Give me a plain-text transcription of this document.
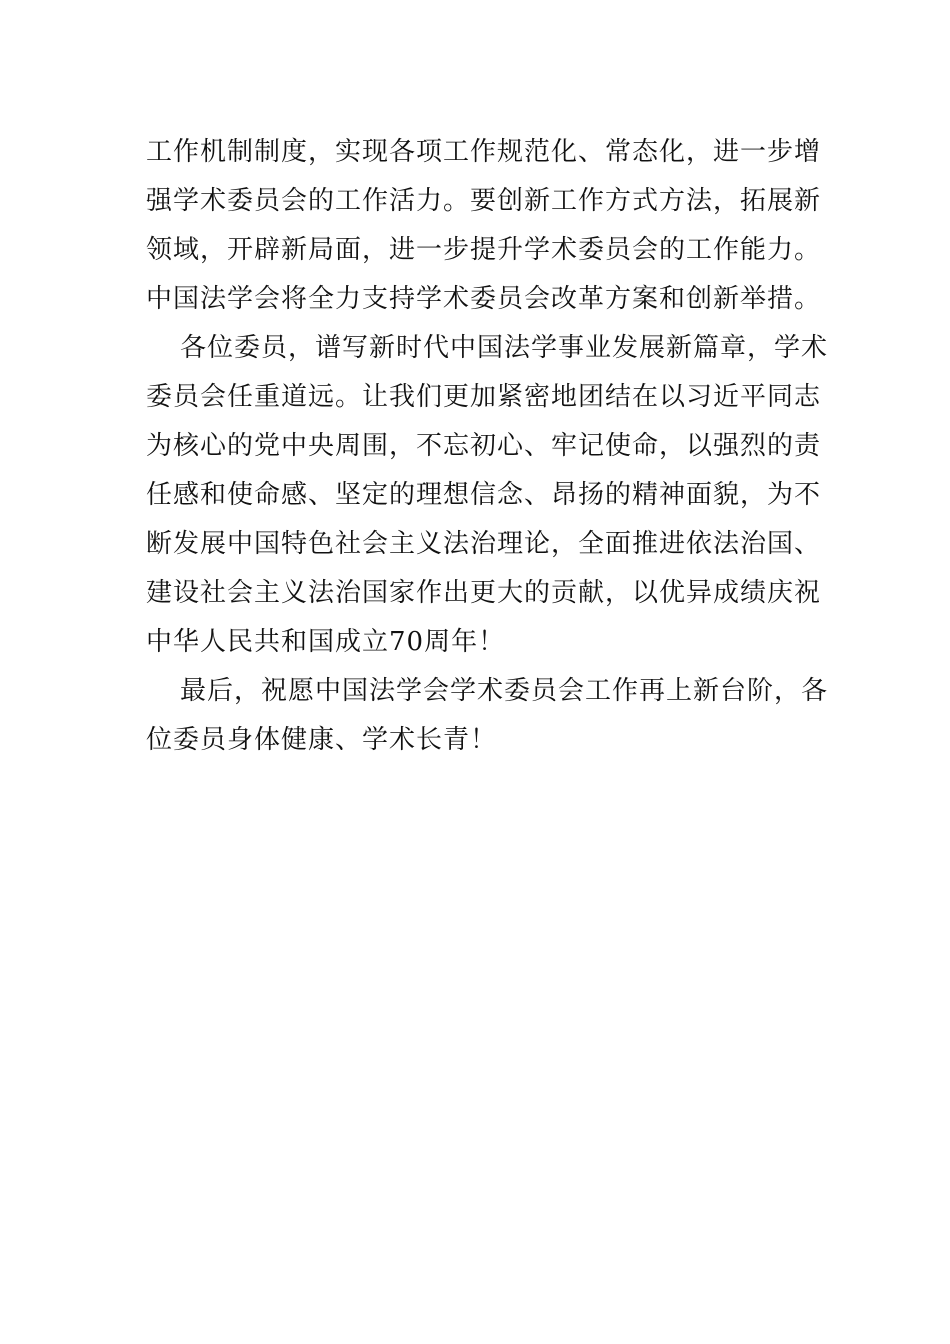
工作机制制度，实现各项工作规范化、常态化，进一步增
强学术委员会的工作活力。要创新工作方式方法，拓展新
领域，开辟新局面，进一步提升学术委员会的工作能力。
中国法学会将全力支持学术委员会改革方案和创新举措。
各位委员，谱写新时代中国法学事业发展新篇章，学术
委员会任重道远。让我们更加紧密地团结在以习近平同志
为核心的党中央周围，不忘初心、牢记使命，以强烈的责
任感和使命感、坚定的理想信念、昂扬的精神面貌，为不
断发展中国特色社会主义法治理论，全面推进依法治国、
建设社会主义法治国家作出更大的贡献，以优异成绩庆祝
中华人民共和国成立70周年！
最后，祝愿中国法学会学术委员会工作再上新台阶，各
位委员身体健康、学术长青！
